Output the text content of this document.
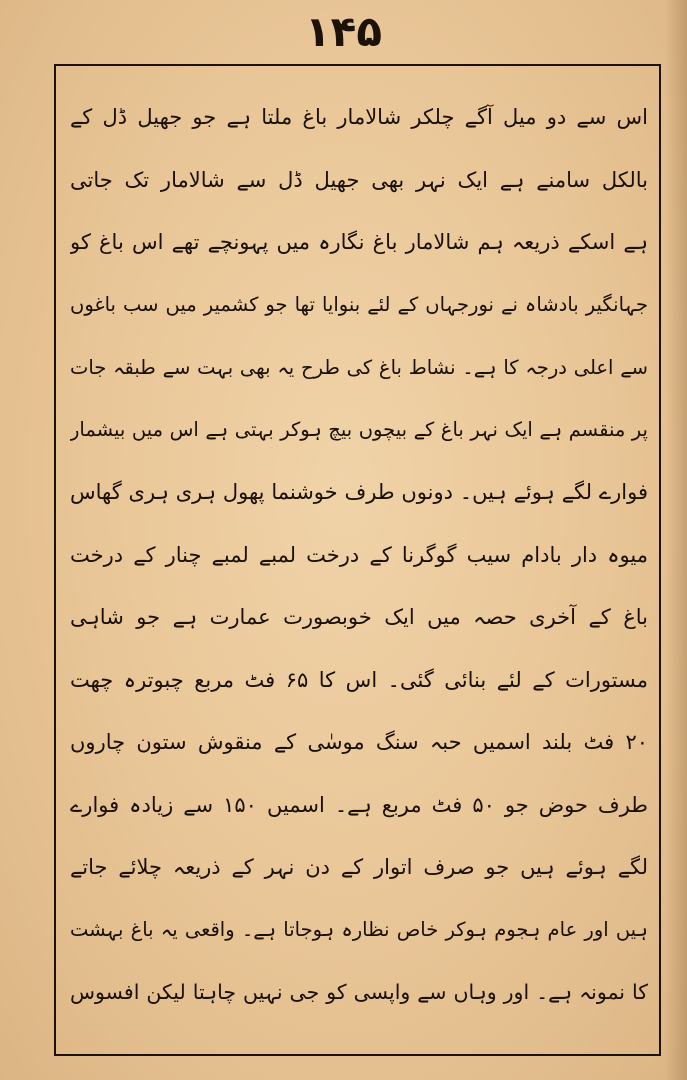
۱۴۵
اس سے دو میل آگے چلکر شالامار باغ ملتا ہے جو جھیل ڈل کے
بالکل سامنے ہے ایک نہر بھی جھیل ڈل سے شالامار تک جاتی
ہے اسکے ذریعہ ہم شالامار باغ نگارہ میں پہونچے تھے اس باغ کو
جہانگیر بادشاہ نے نورجہاں کے لئے بنوایا تھا جو کشمیر میں سب باغوں
سے اعلی درجہ کا ہے۔ نشاط باغ کی طرح یہ بھی بہت سے طبقہ جات
پر منقسم ہے ایک نہر باغ کے بیچوں بیچ ہوکر بہتی ہے اس میں بیشمار
فوارے لگے ہوئے ہیں۔ دونوں طرف خوشنما پھول ہری ہری گھاس
میوہ دار بادام سیب گوگرنا کے درخت لمبے لمبے چنار کے درخت
باغ کے آخری حصہ میں ایک خوبصورت عمارت ہے جو شاہی
مستورات کے لئے بنائی گئی۔ اس کا ۶۵ فٹ مربع چبوترہ چھت
۲۰ فٹ بلند اسمیں حبہ سنگ موسٰی کے منقوش ستون چاروں
طرف حوض جو ۵۰ فٹ مربع ہے۔ اسمیں ۱۵۰ سے زیادہ فوارے
لگے ہوئے ہیں جو صرف اتوار کے دن نہر کے ذریعہ چلائے جاتے
ہیں اور عام ہجوم ہوکر خاص نظارہ ہوجاتا ہے۔ واقعی یہ باغ بہشت
کا نمونہ ہے۔ اور وہاں سے واپسی کو جی نہیں چاہتا لیکن افسوس
